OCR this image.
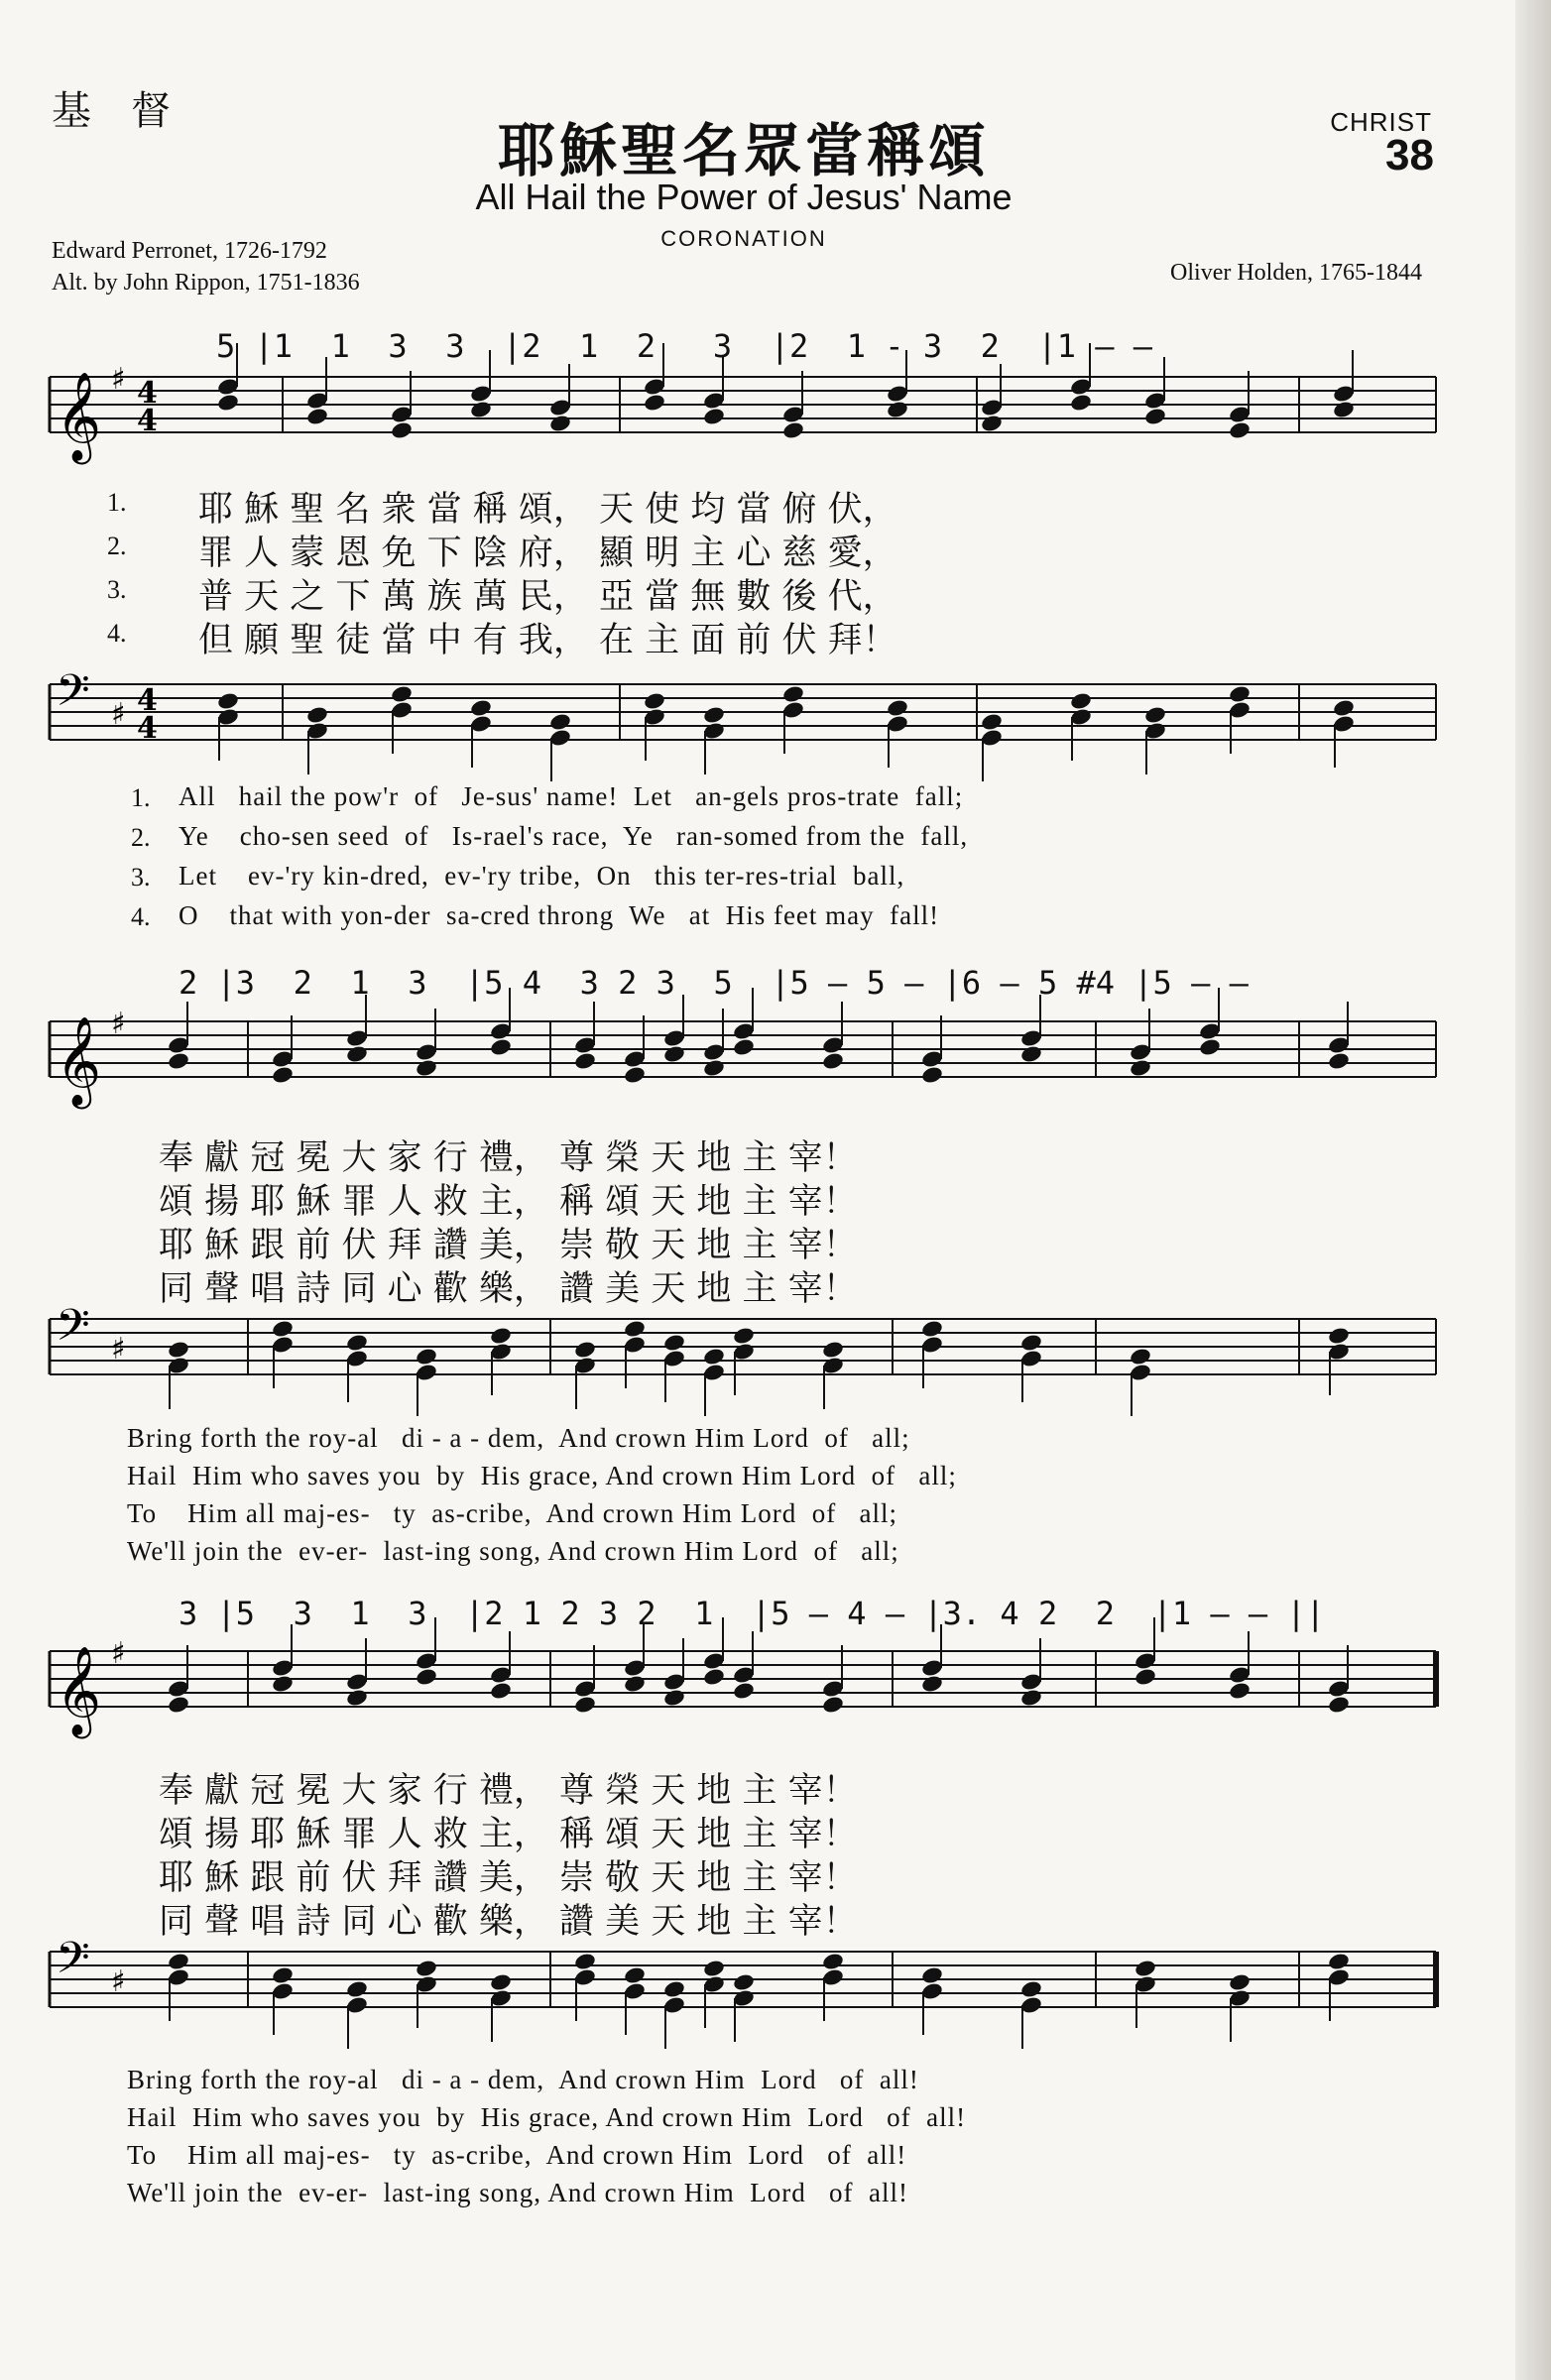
基督
耶穌聖名眾當稱頌
All Hail the Power of Jesus' Name
CORONATION
CHRIST
38
Edward Perronet, 1726-1792
Alt. by John Rippon, 1751-1836	Oliver Holden, 1765-1844
𝄞 ♯ 4
4
𝄢 ♯ 4
4
𝄞 ♯
𝄢 ♯
𝄞 ♯
𝄢 ♯
5 |1  1  3  3  |2  1  2   3  |2  1 - 3  2  |1 — —
1.
2.
3.
4.
耶 穌 聖 名 衆 當 稱 頌， 天 使 均 當 俯 伏，
罪 人 蒙 恩 免 下 陰 府， 顯 明 主 心 慈 愛，
普 天 之 下 萬 族 萬 民， 亞 當 無 數 後 代，
但 願 聖 徒 當 中 有 我， 在 主 面 前 伏 拜！
1.
2.
3.
4.
All   hail the pow'r  of   Je-sus' name!  Let   an-gels pros-trate  fall;
Ye    cho-sen seed  of   Is-rael's race,  Ye   ran-somed from the  fall,
Let    ev-'ry kin-dred,  ev-'ry tribe,  On   this ter-res-trial  ball,
O    that with yon-der  sa-cred throng  We   at  His feet may  fall!
2 |3  2  1  3  |5 4  3 2 3  5  |5 — 5 — |6 — 5 #4 |5 — —
奉 獻 冠 冕 大 家 行 禮， 尊 榮 天 地 主 宰！
頌 揚 耶 穌 罪 人 救 主， 稱 頌 天 地 主 宰！
耶 穌 跟 前 伏 拜 讚 美， 崇 敬 天 地 主 宰！
同 聲 唱 詩 同 心 歡 樂， 讚 美 天 地 主 宰！
Bring forth the roy-al   di - a - dem,  And crown Him Lord  of   all;
Hail  Him who saves you  by  His grace, And crown Him Lord  of   all;
To    Him all maj-es-   ty  as-cribe,  And crown Him Lord  of   all;
We'll join the  ev-er-  last-ing song, And crown Him Lord  of   all;
3 |5  3  1  3  |2 1 2 3 2  1  |5 — 4 — |3. 4 2  2  |1 — — ||
奉 獻 冠 冕 大 家 行 禮， 尊 榮 天 地 主 宰！
頌 揚 耶 穌 罪 人 救 主， 稱 頌 天 地 主 宰！
耶 穌 跟 前 伏 拜 讚 美， 崇 敬 天 地 主 宰！
同 聲 唱 詩 同 心 歡 樂， 讚 美 天 地 主 宰！
Bring forth the roy-al   di - a - dem,  And crown Him  Lord   of  all!
Hail  Him who saves you  by  His grace, And crown Him  Lord   of  all!
To    Him all maj-es-   ty  as-cribe,  And crown Him  Lord   of  all!
We'll join the  ev-er-  last-ing song, And crown Him  Lord   of  all!
